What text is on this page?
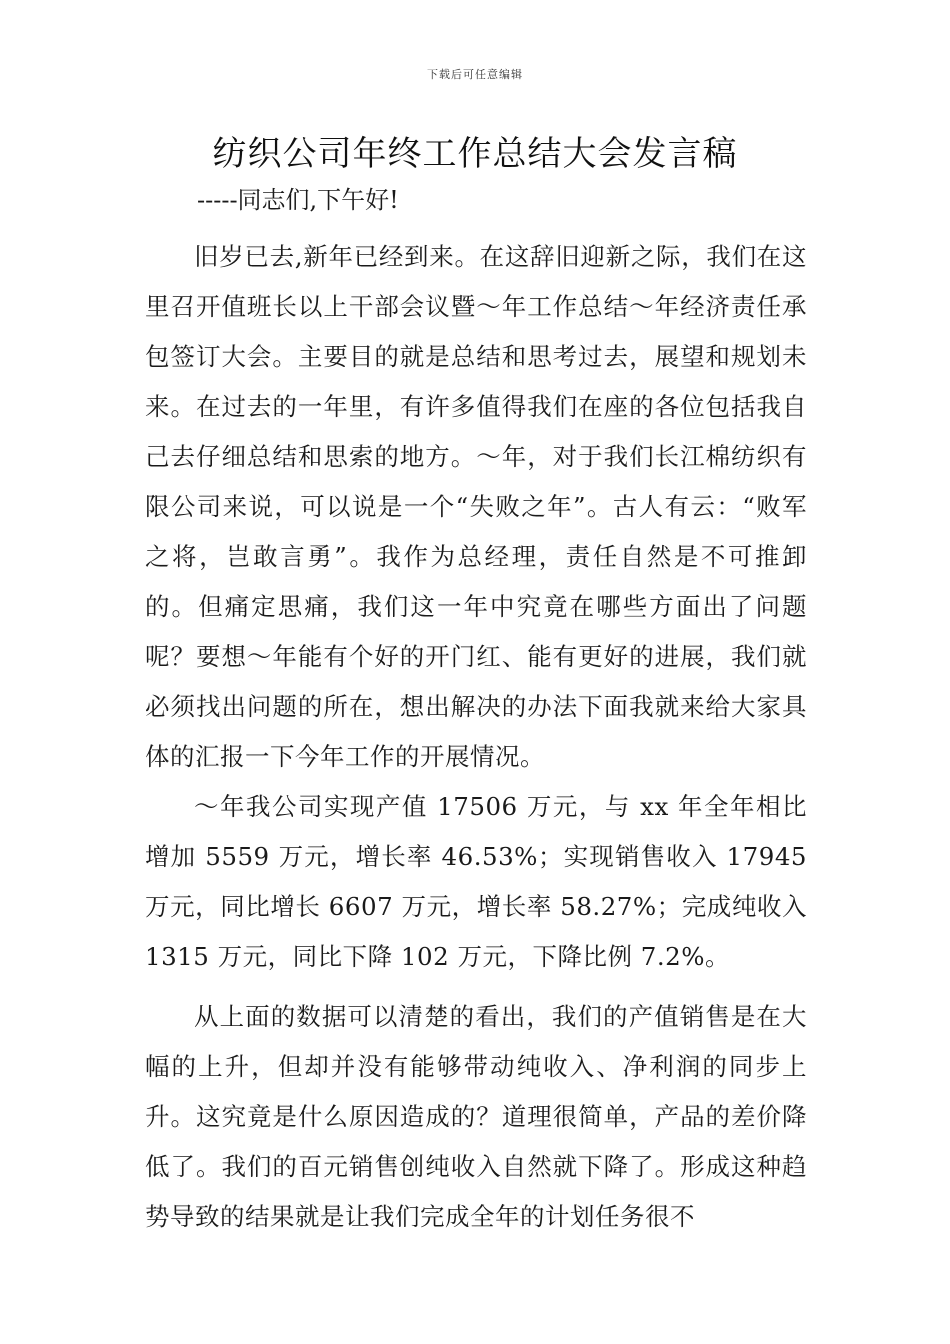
下载后可任意编辑
纺织公司年终工作总结大会发言稿

-----同志们,下午好!

旧岁已去,新年已经到来。在这辞旧迎新之际，我们在这里召开值班长以上干部会议暨～年工作总结～年经济责任承包签订大会。主要目的就是总结和思考过去，展望和规划未来。在过去的一年里，有许多值得我们在座的各位包括我自己去仔细总结和思索的地方。～年，对于我们长江棉纺织有限公司来说，可以说是一个“失败之年”。古人有云：“败军之将，岂敢言勇”。我作为总经理，责任自然是不可推卸的。但痛定思痛，我们这一年中究竟在哪些方面出了问题呢？要想～年能有个好的开门红、能有更好的进展，我们就必须找出问题的所在，想出解决的办法下面我就来给大家具体的汇报一下今年工作的开展情况。

～年我公司实现产值 17506 万元，与 xx 年全年相比增加 5559 万元，增长率 46.53%；实现销售收入 17945 万元，同比增长 6607 万元，增长率 58.27%；完成纯收入 1315 万元，同比下降 102 万元，下降比例 7.2%。

从上面的数据可以清楚的看出，我们的产值销售是在大幅的上升，但却并没有能够带动纯收入、净利润的同步上升。这究竟是什么原因造成的？道理很简单，产品的差价降低了。我们的百元销售创纯收入自然就下降了。形成这种趋势导致的结果就是让我们完成全年的计划任务很不
